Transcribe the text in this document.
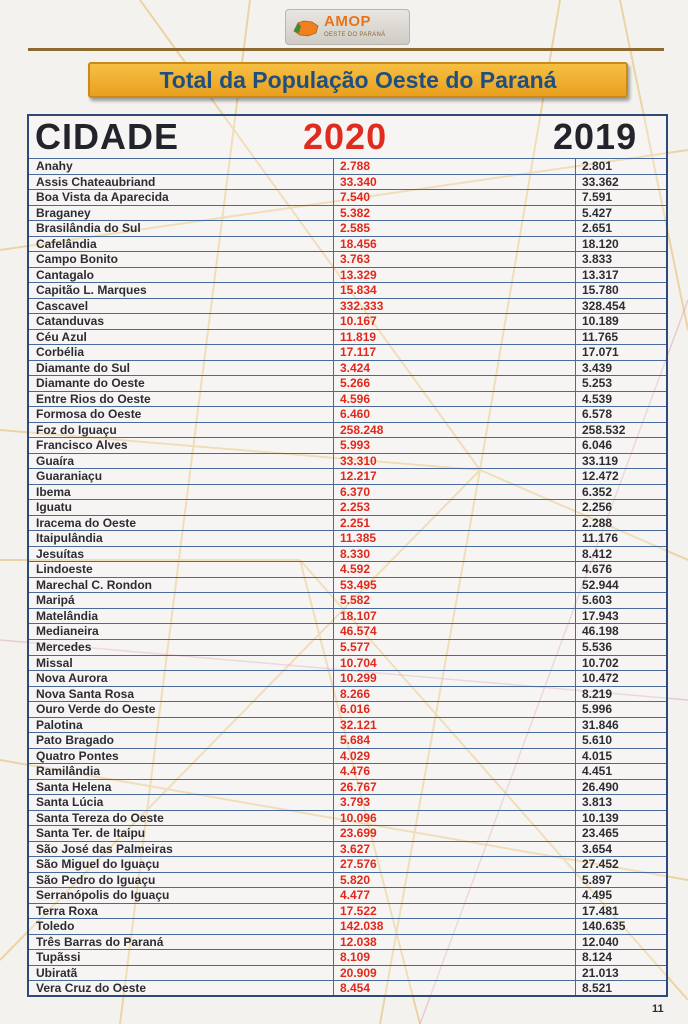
AMOP
OESTE DO PARANÁ
Total da População Oeste do Paraná
CIDADE	2020	2019
Anahy	2.788	2.801
Assis Chateaubriand	33.340	33.362
Boa Vista da Aparecida	7.540	7.591
Braganey	5.382	5.427
Brasilândia do Sul	2.585	2.651
Cafelândia	18.456	18.120
Campo Bonito	3.763	3.833
Cantagalo	13.329	13.317
Capitão L. Marques	15.834	15.780
Cascavel	332.333	328.454
Catanduvas	10.167	10.189
Céu Azul	11.819	11.765
Corbélia	17.117	17.071
Diamante do Sul	3.424	3.439
Diamante do Oeste	5.266	5.253
Entre Rios do Oeste	4.596	4.539
Formosa do Oeste	6.460	6.578
Foz do Iguaçu	258.248	258.532
Francisco Alves	5.993	6.046
Guaíra	33.310	33.119
Guaraniaçu	12.217	12.472
Ibema	6.370	6.352
Iguatu	2.253	2.256
Iracema do Oeste	2.251	2.288
Itaipulândia	11.385	11.176
Jesuítas	8.330	8.412
Lindoeste	4.592	4.676
Marechal C. Rondon	53.495	52.944
Maripá	5.582	5.603
Matelândia	18.107	17.943
Medianeira	46.574	46.198
Mercedes	5.577	5.536
Missal	10.704	10.702
Nova Aurora	10.299	10.472
Nova Santa Rosa	8.266	8.219
Ouro Verde do Oeste	6.016	5.996
Palotina	32.121	31.846
Pato Bragado	5.684	5.610
Quatro Pontes	4.029	4.015
Ramilândia	4.476	4.451
Santa Helena	26.767	26.490
Santa Lúcia	3.793	3.813
Santa Tereza do Oeste	10.096	10.139
Santa Ter. de Itaipu	23.699	23.465
São José das Palmeiras	3.627	3.654
São Miguel do Iguaçu	27.576	27.452
São Pedro do Iguaçu	5.820	5.897
Serranópolis do Iguaçu	4.477	4.495
Terra Roxa	17.522	17.481
Toledo	142.038	140.635
Três Barras do Paraná	12.038	12.040
Tupãssi	8.109	8.124
Ubiratã	20.909	21.013
Vera Cruz do Oeste	8.454	8.521
11
